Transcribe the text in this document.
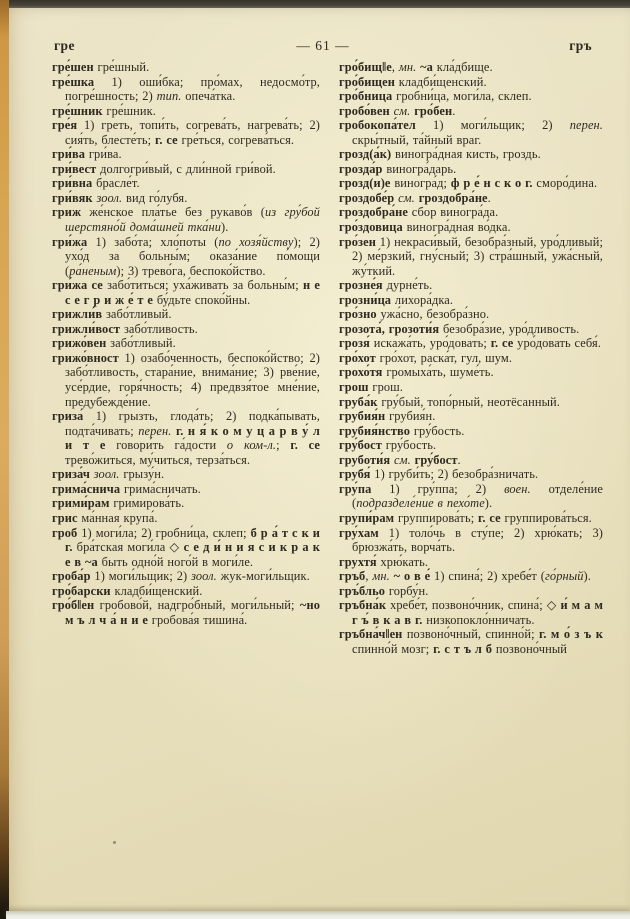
гре	— 61 —	гръ

гре́шен гре́шный.

гре́шка 1) оши́бка; про́мах, недосмо́тр, погре́шность; 2) тип. опеча́тка.

гре́шник гре́шник.

гре́я 1) греть, топи́ть, согрева́ть, нагрева́ть; 2) сия́ть, блесте́ть; г. се гре́ться, согрева́ться.

гри́ва гри́ва.

гри́вест долгогри́вый, с дли́нной гри́вой.

гри́вна брасле́т.

гри́вяк зоол. вид го́лубя.

гриж же́нское пла́тье без рукаво́в (из гру́бой шерстяно́й дома́шней тка́ни).

гри́жа 1) забо́та; хло́поты (по хозя́йству); 2) ухо́д за больны́м; оказа́ние по́мощи (ра́неным); 3) трево́га, беспоко́йство.

гри́жа се забо́титься; уха́живать за больны́м; н е с е г р и ж е́ т е бу́дьте споко́йны.

грижли́в забо́тливый.

грижли́вост забо́тливость.

грижо́вен забо́тливый.

грижо́вност 1) озабо́ченность, беспоко́йство; 2) забо́тливость, стара́ние, внима́ние; 3) рве́ние, усе́рдие, горя́чность; 4) предвзя́тое мне́ние, предубежде́ние.

гриза́ 1) грызть, глода́ть; 2) подка́пывать, подта́чивать; перен. г. н я́ к о м у ц а р в у́ л и т е говори́ть га́дости о ком-л.; г. се трево́житься, му́читься, терза́ться.

гриза́ч зоол. грызу́н.

грима́снича грима́сничать.

грими́рам гримирова́ть.

грис ма́нная крупа́.

гроб 1) моги́ла; 2) гробни́ца, склеп; б р а́ т с к и г. бра́тская моги́ла ◇ с е д и́ н и я с и к р а к е в ~а быть одно́й ного́й в моги́ле.

гроба́р 1) моги́льщик; 2) зоол. жук-моги́льщик.

гро́барски кладби́щенский.

гро́б‖ен гробово́й, надгро́бный, моги́льный; ~но м ъ л ч а́ н и е гробова́я тишина́.

гро́бищ‖е, мн. ~а кла́дбище.

гро́бищен кладби́щенский.

гро́бница гробни́ца, моги́ла, склеп.

гробо́вен см. гро́бен.

гробокопа́тел 1) моги́льщик; 2) перен. скры́тный, та́йный враг.

грозд(а́к) виногра́дная кисть, гроздь.

грозда́р виногра́дарь.

грозд(и)е виногра́д; ф р е́ н с к о г. сморо́дина.

гроздобе́р см. гроздобра́не.

гроздобра́не сбор виногра́да.

гро́здовица виногра́дная во́дка.

гро́зен 1) некраси́вый, безобра́зный, уро́дливый; 2) ме́рзкий, гну́сный; 3) стра́шный, ужа́сный, жу́ткий.

грозне́я дурне́ть.

грозни́ца лихора́дка.

гро́зно ужа́сно, безобра́зно.

грозота́, грозоти́я безобра́зие, уро́дливость.

грозя́ искажа́ть, уро́довать; г. се уро́довать себя́.

гро́хот гро́хот, раска́т, гул, шум.

грохо́тя громыха́ть, шуме́ть.

грош грош.

груба́к гру́бый, топо́рный, неотёсанный.

грубия́н грубия́н.

грубия́нство гру́бость.

гру́бост гру́бость.

груботи́я см. гру́бост.

грубя́ 1) груби́ть; 2) безобра́зничать.

гру́па 1) гру́ппа; 2) воен. отделе́ние (подразделе́ние в пехо́те).

групи́рам группирова́ть; г. се группирова́ться.

гру́хам 1) толо́чь в сту́пе; 2) хрю́кать; 3) брюзжа́ть, ворча́ть.

грухтя́ хрю́кать.

гръб, мн. ~ о в е́ 1) спина́; 2) хребе́т (го́рный).

гръ́бльо горбу́н.

гръбна́к хребе́т, позвоно́чник, спина́; ◇ и́ м а м г ъ́ в к а в г. низкопокло́нничать.

гръбна́ч‖ен позвоно́чный, спинно́й; г. м о́ з ъ к спинно́й мозг; г. с т ъ л б позвоно́чный
